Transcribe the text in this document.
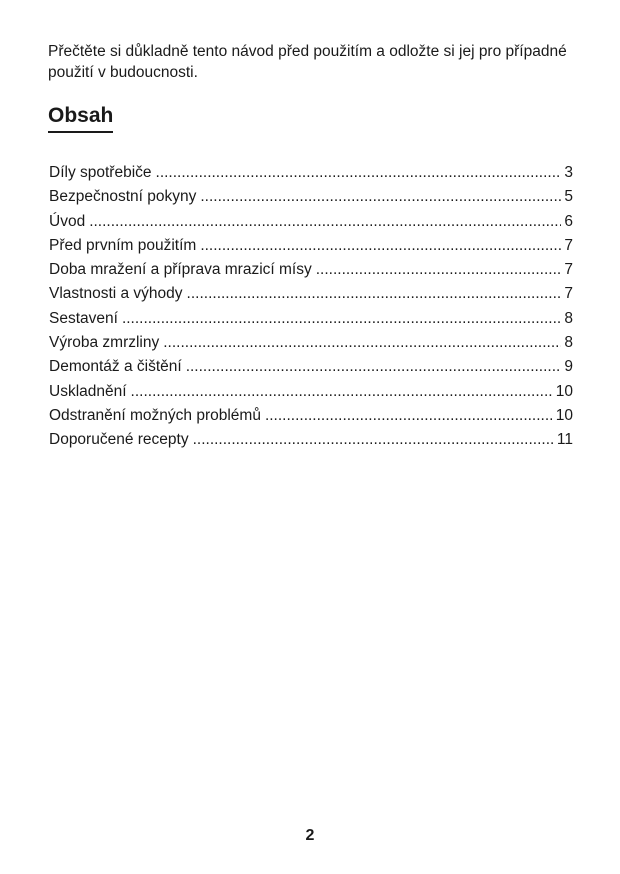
Přečtěte si důkladně tento návod před použitím a odložte si jej pro případné použití v budoucnosti.

Obsah
Díly spotřebiče .....	3
Bezpečnostní pokyny .....	5
Úvod .....	6
Před prvním použitím .....	7
Doba mražení a příprava mrazicí mísy .....	7
Vlastnosti a výhody .....	7
Sestavení .....	8
Výroba zmrzliny .....	8
Demontáž a čištění .....	9
Uskladnění .....	10
Odstranění možných problémů .....	10
Doporučené recepty .....	11

2
